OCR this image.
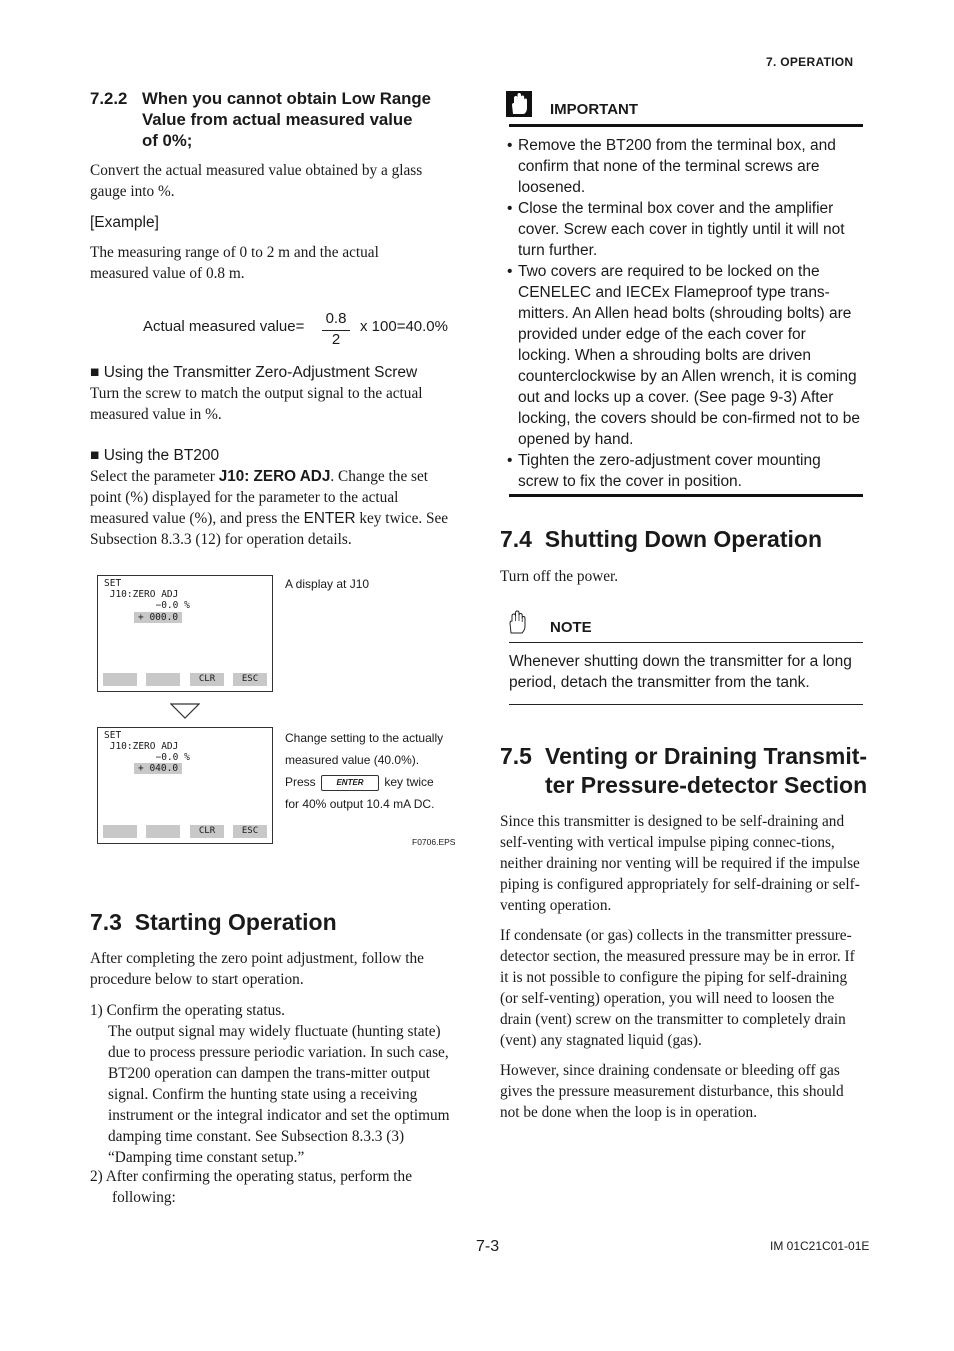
7. OPERATION
7.2.2 When you cannot obtain Low Range
Value from actual measured value
of 0%;

Convert the actual measured value obtained by a glass gauge into %.

[Example]

The measuring range of 0 to 2 m and the actual measured value of 0.8 m.

Actual measured value= 0.8
2
x 100=40.0%
■ Using the Transmitter Zero-Adjustment Screw

Turn the screw to match the output signal to the actual measured value in %.

■ Using the BT200

Select the parameter J10: ZERO ADJ. Change the set point (%) displayed for the parameter to the actual measured value (%), and press the ENTER key twice. See Subsection 8.3.3 (12) for operation details.

SET
J10:ZERO ADJ
−0.0 %
+ 000.0
CLR	ESC
A display at J10
SET
J10:ZERO ADJ
−0.0 %
+ 040.0
CLR	ESC
Change setting to the actually
measured value (40.0%).
Press	ENTER key twice
for 40% output 10.4 mA DC.
F0706.EPS
7.3  Starting Operation

After completing the zero point adjustment, follow the procedure below to start operation.

1) Confirm the operating status.

The output signal may widely fluctuate (hunting state) due to process pressure periodic variation. In such case, BT200 operation can dampen the trans-mitter output signal. Confirm the hunting state using a receiving instrument or the integral indicator and set the optimum damping time constant. See Subsection 8.3.3 (3) “Damping time constant setup.”

2) After confirming the operating status, perform the

following:

IMPORTANT
• Remove the BT200 from the terminal box, and confirm that none of the terminal screws are loosened.
• Close the terminal box cover and the amplifier cover. Screw each cover in tightly until it will not turn further.
• Two covers are required to be locked on the CENELEC and IECEx Flameproof type trans-mitters. An Allen head bolts (shrouding bolts) are provided under edge of the each cover for locking. When a shrouding bolts are driven counterclockwise by an Allen wrench, it is coming out and locks up a cover. (See page 9-3) After locking, the covers should be con-firmed not to be opened by hand.
• Tighten the zero-adjustment cover mounting screw to fix the cover in position.
7.4  Shutting Down Operation

Turn off the power.

NOTE

Whenever shutting down the transmitter for a long period, detach the transmitter from the tank.

7.5 Venting or Draining Transmit-
ter Pressure-detector Section

Since this transmitter is designed to be self-draining and self-venting with vertical impulse piping connec-tions, neither draining nor venting will be required if the impulse piping is configured appropriately for self-draining or self-venting operation.

If condensate (or gas) collects in the transmitter pressure-detector section, the measured pressure may be in error. If it is not possible to configure the piping for self-draining (or self-venting) operation, you will need to loosen the drain (vent) screw on the transmitter to completely drain (vent) any stagnated liquid (gas).

However, since draining condensate or bleeding off gas gives the pressure measurement disturbance, this should not be done when the loop is in operation.

7-3	IM 01C21C01-01E
